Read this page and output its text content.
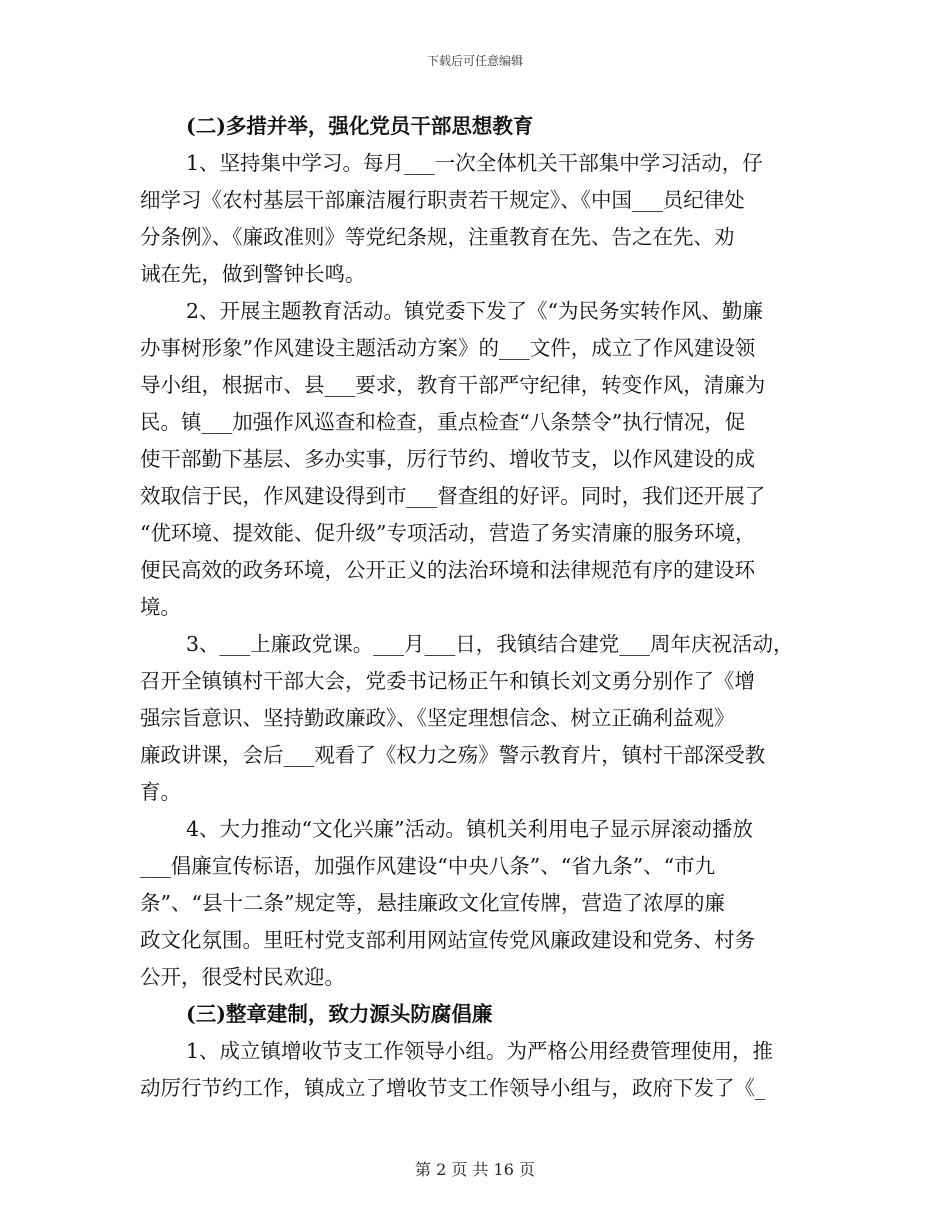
下载后可任意编辑
(二)多措并举，强化党员干部思想教育
1、坚持集中学习。每月___一次全体机关干部集中学习活动，仔
细学习《农村基层干部廉洁履行职责若干规定》、《中国___员纪律处
分条例》、《廉政准则》等党纪条规，注重教育在先、告之在先、劝
诫在先，做到警钟长鸣。
2、开展主题教育活动。镇党委下发了《“为民务实转作风、勤廉
办事树形象”作风建设主题活动方案》的___文件，成立了作风建设领
导小组，根据市、县___要求，教育干部严守纪律，转变作风，清廉为
民。镇___加强作风巡查和检查，重点检查“八条禁令”执行情况，促
使干部勤下基层、多办实事，厉行节约、增收节支，以作风建设的成
效取信于民，作风建设得到市___督查组的好评。同时，我们还开展了
“优环境、提效能、促升级”专项活动，营造了务实清廉的服务环境，
便民高效的政务环境，公开正义的法治环境和法律规范有序的建设环
境。
3、___上廉政党课。___月___日，我镇结合建党___周年庆祝活动，
召开全镇镇村干部大会，党委书记杨正午和镇长刘文勇分别作了《增
强宗旨意识、坚持勤政廉政》、《坚定理想信念、树立正确利益观》
廉政讲课，会后___观看了《权力之殇》警示教育片，镇村干部深受教
育。
4、大力推动“文化兴廉”活动。镇机关利用电子显示屏滚动播放
___倡廉宣传标语，加强作风建设“中央八条”、“省九条”、“市九
条”、“县十二条”规定等，悬挂廉政文化宣传牌，营造了浓厚的廉
政文化氛围。里旺村党支部利用网站宣传党风廉政建设和党务、村务
公开，很受村民欢迎。
(三)整章建制，致力源头防腐倡廉
1、成立镇增收节支工作领导小组。为严格公用经费管理使用，推
动厉行节约工作，镇成立了增收节支工作领导小组与，政府下发了《_
第 2 页 共 16 页
